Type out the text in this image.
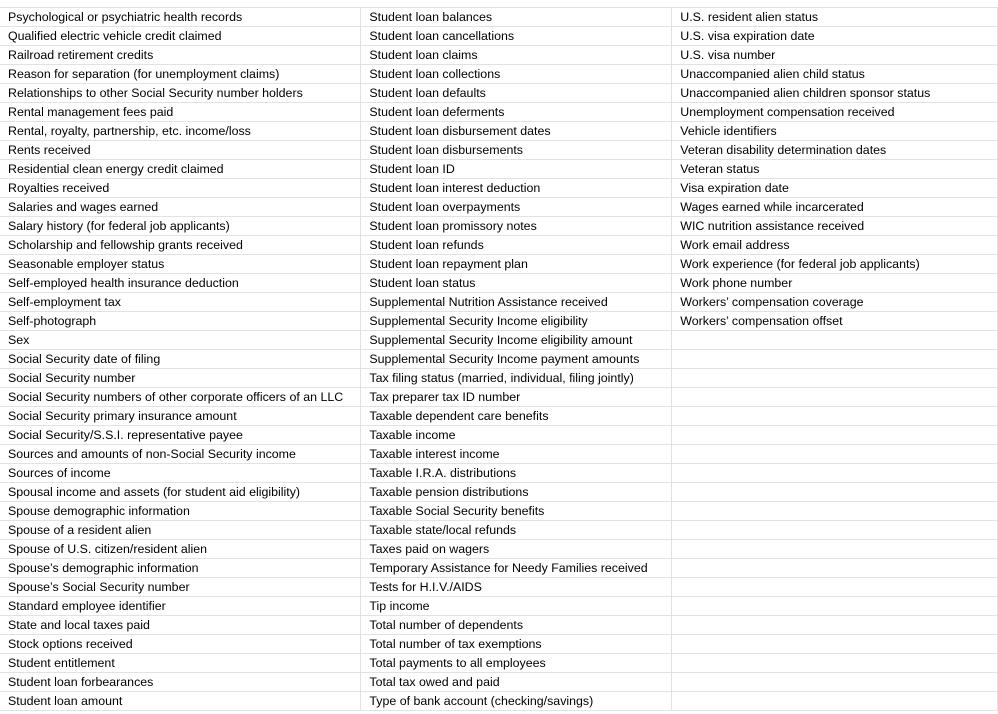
Psychological or psychiatric health records	Student loan balances	U.S. resident alien status
Qualified electric vehicle credit claimed	Student loan cancellations	U.S. visa expiration date
Railroad retirement credits	Student loan claims	U.S. visa number
Reason for separation (for unemployment claims)	Student loan collections	Unaccompanied alien child status
Relationships to other Social Security number holders	Student loan defaults	Unaccompanied alien children sponsor status
Rental management fees paid	Student loan deferments	Unemployment compensation received
Rental, royalty, partnership, etc. income/loss	Student loan disbursement dates	Vehicle identifiers
Rents received	Student loan disbursements	Veteran disability determination dates
Residential clean energy credit claimed	Student loan ID	Veteran status
Royalties received	Student loan interest deduction	Visa expiration date
Salaries and wages earned	Student loan overpayments	Wages earned while incarcerated
Salary history (for federal job applicants)	Student loan promissory notes	WIC nutrition assistance received
Scholarship and fellowship grants received	Student loan refunds	Work email address
Seasonable employer status	Student loan repayment plan	Work experience (for federal job applicants)
Self-employed health insurance deduction	Student loan status	Work phone number
Self-employment tax	Supplemental Nutrition Assistance received	Workers’ compensation coverage
Self-photograph	Supplemental Security Income eligibility	Workers’ compensation offset
Sex	Supplemental Security Income eligibility amount	
Social Security date of filing	Supplemental Security Income payment amounts	
Social Security number	Tax filing status (married, individual, filing jointly)	
Social Security numbers of other corporate officers of an LLC	Tax preparer tax ID number	
Social Security primary insurance amount	Taxable dependent care benefits	
Social Security/S.S.I. representative payee	Taxable income	
Sources and amounts of non-Social Security income	Taxable interest income	
Sources of income	Taxable I.R.A. distributions	
Spousal income and assets (for student aid eligibility)	Taxable pension distributions	
Spouse demographic information	Taxable Social Security benefits	
Spouse of a resident alien	Taxable state/local refunds	
Spouse of U.S. citizen/resident alien	Taxes paid on wagers	
Spouse’s demographic information	Temporary Assistance for Needy Families received	
Spouse’s Social Security number	Tests for H.I.V./AIDS	
Standard employee identifier	Tip income	
State and local taxes paid	Total number of dependents	
Stock options received	Total number of tax exemptions	
Student entitlement	Total payments to all employees	
Student loan forbearances	Total tax owed and paid	
Student loan amount	Type of bank account (checking/savings)	
